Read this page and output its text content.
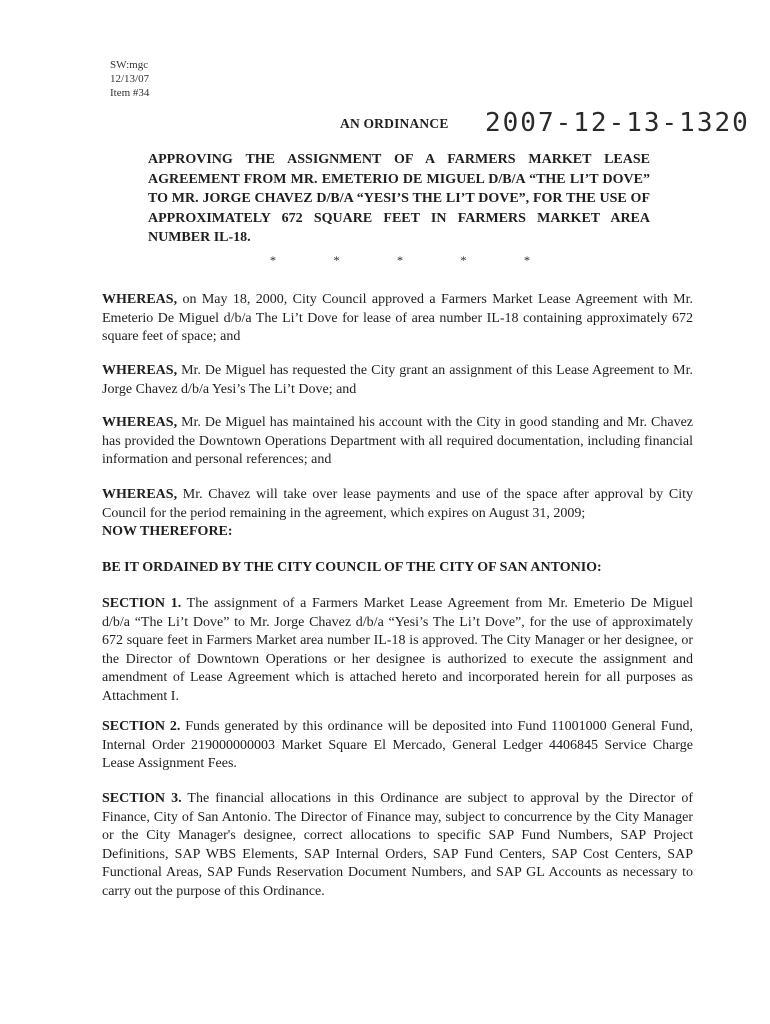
SW:mgc
12/13/07
Item #34
AN ORDINANCE 2007-12-13-1320
APPROVING THE ASSIGNMENT OF A FARMERS MARKET LEASE AGREEMENT FROM MR. EMETERIO DE MIGUEL D/B/A “THE LI’T DOVE” TO MR. JORGE CHAVEZ D/B/A “YESI’S THE LI’T DOVE”, FOR THE USE OF APPROXIMATELY 672 SQUARE FEET IN FARMERS MARKET AREA NUMBER IL-18.
*	*	*	*	*
WHEREAS, on May 18, 2000, City Council approved a Farmers Market Lease Agreement with Mr. Emeterio De Miguel d/b/a The Li’t Dove for lease of area number IL-18 containing approximately 672 square feet of space; and
WHEREAS, Mr. De Miguel has requested the City grant an assignment of this Lease Agreement to Mr. Jorge Chavez d/b/a Yesi’s The Li’t Dove; and
WHEREAS, Mr. De Miguel has maintained his account with the City in good standing and Mr. Chavez has provided the Downtown Operations Department with all required documentation, including financial information and personal references; and
WHEREAS, Mr. Chavez will take over lease payments and use of the space after approval by City Council for the period remaining in the agreement, which expires on August 31, 2009;
NOW THEREFORE:
BE IT ORDAINED BY THE CITY COUNCIL OF THE CITY OF SAN ANTONIO:
SECTION 1. The assignment of a Farmers Market Lease Agreement from Mr. Emeterio De Miguel d/b/a “The Li’t Dove” to Mr. Jorge Chavez d/b/a “Yesi’s The Li’t Dove”, for the use of approximately 672 square feet in Farmers Market area number IL-18 is approved. The City Manager or her designee, or the Director of Downtown Operations or her designee is authorized to execute the assignment and amendment of Lease Agreement which is attached hereto and incorporated herein for all purposes as Attachment I.
SECTION 2. Funds generated by this ordinance will be deposited into Fund 11001000 General Fund, Internal Order 219000000003 Market Square El Mercado, General Ledger 4406845 Service Charge Lease Assignment Fees.
SECTION 3. The financial allocations in this Ordinance are subject to approval by the Director of Finance, City of San Antonio. The Director of Finance may, subject to concurrence by the City Manager or the City Manager's designee, correct allocations to specific SAP Fund Numbers, SAP Project Definitions, SAP WBS Elements, SAP Internal Orders, SAP Fund Centers, SAP Cost Centers, SAP Functional Areas, SAP Funds Reservation Document Numbers, and SAP GL Accounts as necessary to carry out the purpose of this Ordinance.
